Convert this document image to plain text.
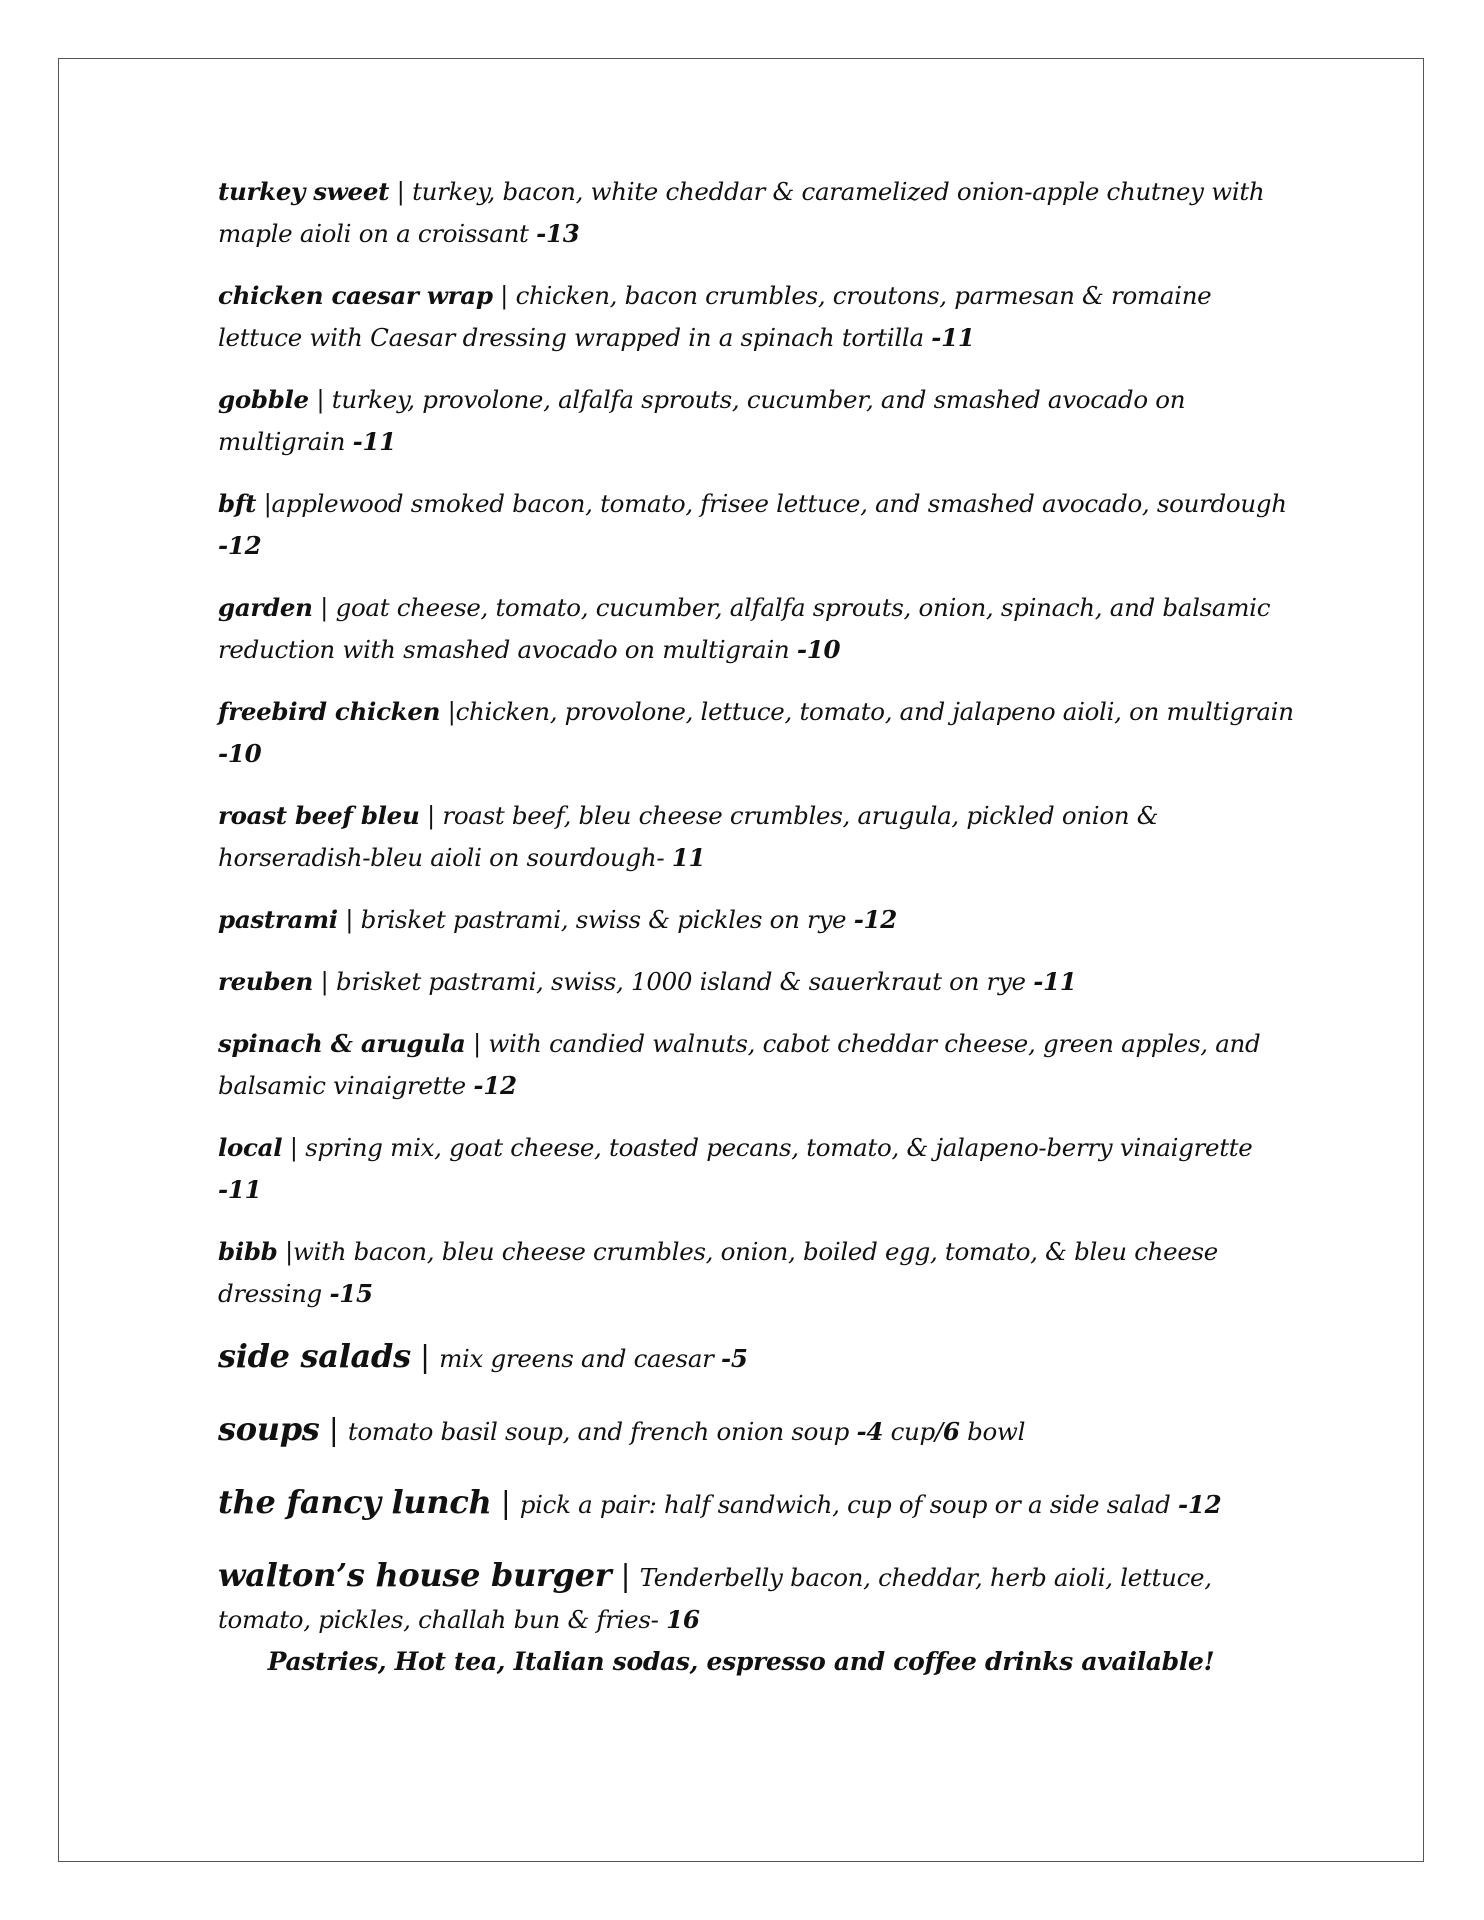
turkey sweet | turkey, bacon, white cheddar & caramelized onion-apple chutney with maple aioli on a croissant -13
chicken caesar wrap | chicken, bacon crumbles, croutons, parmesan & romaine lettuce with Caesar dressing wrapped in a spinach tortilla -11
gobble | turkey, provolone, alfalfa sprouts, cucumber, and smashed avocado on multigrain -11
bft |applewood smoked bacon, tomato, frisee lettuce, and smashed avocado, sourdough -12
garden | goat cheese, tomato, cucumber, alfalfa sprouts, onion, spinach, and balsamic reduction with smashed avocado on multigrain -10
freebird chicken |chicken, provolone, lettuce, tomato, and jalapeno aioli, on multigrain -10
roast beef bleu | roast beef, bleu cheese crumbles, arugula, pickled onion & horseradish-bleu aioli on sourdough- 11
pastrami | brisket pastrami, swiss & pickles on rye -12
reuben | brisket pastrami, swiss, 1000 island & sauerkraut on rye -11
spinach & arugula | with candied walnuts, cabot cheddar cheese, green apples, and balsamic vinaigrette -12
local | spring mix, goat cheese, toasted pecans, tomato, & jalapeno-berry vinaigrette -11
bibb |with bacon, bleu cheese crumbles, onion, boiled egg, tomato, & bleu cheese dressing -15
side salads | mix greens and caesar -5
soups | tomato basil soup, and french onion soup -4 cup/6 bowl
the fancy lunch | pick a pair: half sandwich, cup of soup or a side salad -12
walton’s house burger | Tenderbelly bacon, cheddar, herb aioli, lettuce, tomato, pickles, challah bun & fries- 16
Pastries, Hot tea, Italian sodas, espresso and coffee drinks available!
